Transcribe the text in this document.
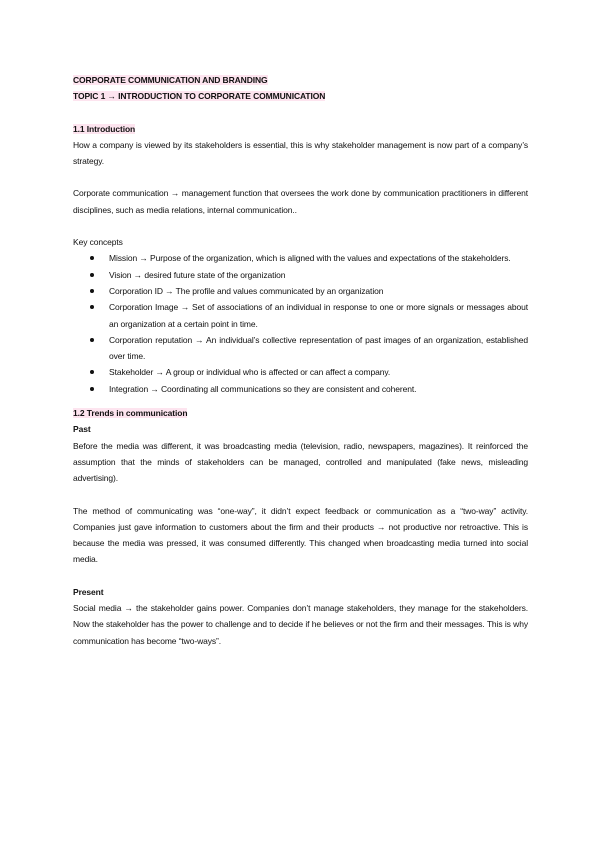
CORPORATE COMMUNICATION AND BRANDING

TOPIC 1 → INTRODUCTION TO CORPORATE COMMUNICATION

1.1 Introduction

How a company is viewed by its stakeholders is essential, this is why stakeholder management is now part of a company’s strategy.

Corporate communication → management function that oversees the work done by communication practitioners in different disciplines, such as media relations, internal communication..

Key concepts

Mission → Purpose of the organization, which is aligned with the values and expectations of the stakeholders.
Vision → desired future state of the organization
Corporation ID → The profile and values communicated by an organization
Corporation Image → Set of associations of an individual in response to one or more signals or messages about an organization at a certain point in time.
Corporation reputation → An individual’s collective representation of past images of an organization, established over time.
Stakeholder → A group or individual who is affected or can affect a company.
Integration → Coordinating all communications so they are consistent and coherent.

1.2 Trends in communication

Past

Before the media was different, it was broadcasting media (television, radio, newspapers, magazines). It reinforced the assumption that the minds of stakeholders can be managed, controlled and manipulated (fake news, misleading advertising).

The method of communicating was “one-way”, it didn’t expect feedback or communication as a “two-way” activity. Companies just gave information to customers about the firm and their products → not productive nor retroactive. This is because the media was pressed, it was consumed differently. This changed when broadcasting media turned into social media.

Present

Social media → the stakeholder gains power. Companies don’t manage stakeholders, they manage for the stakeholders. Now the stakeholder has the power to challenge and to decide if he believes or not the firm and their messages. This is why communication has become “two-ways”.
